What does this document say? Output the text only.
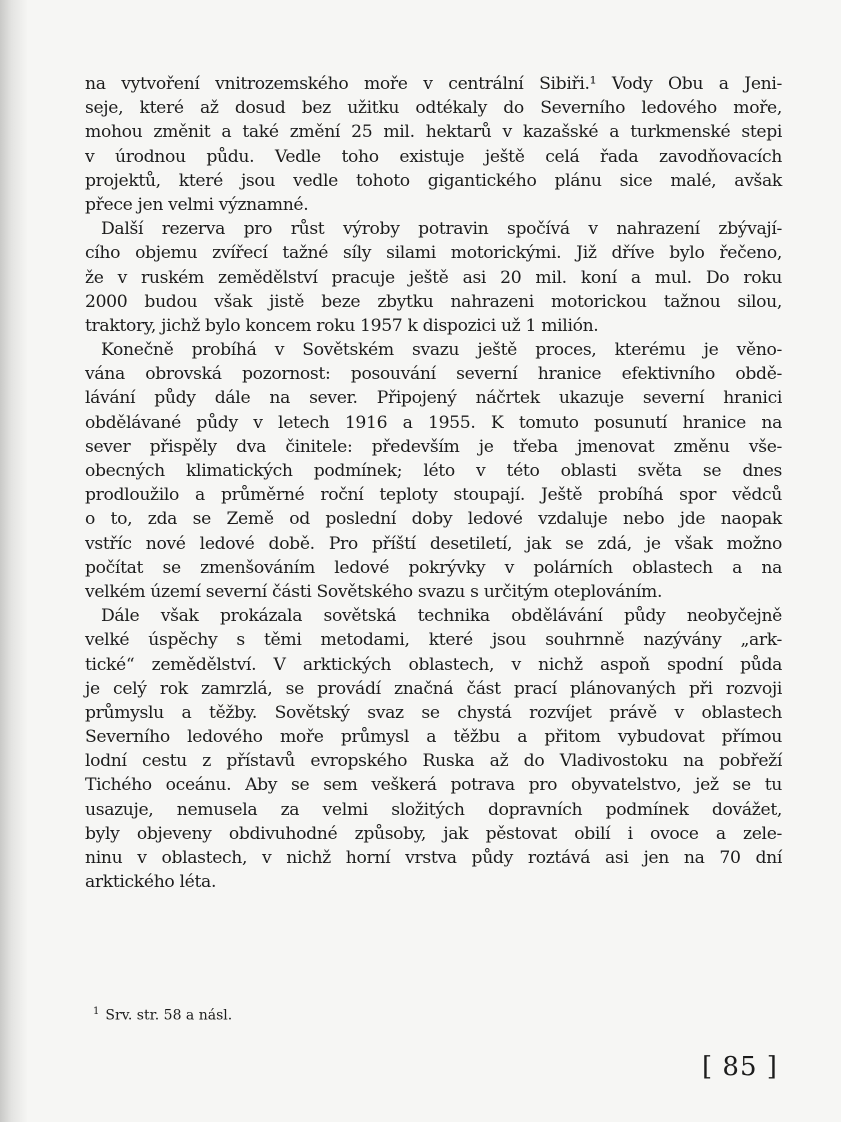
na vytvoření vnitrozemského moře v centrální Sibiři.¹ Vody Obu a Jeni-
seje, které až dosud bez užitku odtékaly do Severního ledového moře,
mohou změnit a také změní 25 mil. hektarů v kazašské a turkmenské stepi
v úrodnou půdu. Vedle toho existuje ještě celá řada zavodňovacích
projektů, které jsou vedle tohoto gigantického plánu sice malé, avšak
přece jen velmi významné.
Další rezerva pro růst výroby potravin spočívá v nahrazení zbývají-
cího objemu zvířecí tažné síly silami motorickými. Již dříve bylo řečeno,
že v ruském zemědělství pracuje ještě asi 20 mil. koní a mul. Do roku
2000 budou však jistě beze zbytku nahrazeni motorickou tažnou silou,
traktory, jichž bylo koncem roku 1957 k dispozici už 1 milión.
Konečně probíhá v Sovětském svazu ještě proces, kterému je věno-
vána obrovská pozornost: posouvání severní hranice efektivního obdě-
lávání půdy dále na sever. Připojený náčrtek ukazuje severní hranici
obdělávané půdy v letech 1916 a 1955. K tomuto posunutí hranice na
sever přispěly dva činitele: především je třeba jmenovat změnu vše-
obecných klimatických podmínek; léto v této oblasti světa se dnes
prodloužilo a průměrné roční teploty stoupají. Ještě probíhá spor vědců
o to, zda se Země od poslední doby ledové vzdaluje nebo jde naopak
vstříc nové ledové době. Pro příští desetiletí, jak se zdá, je však možno
počítat se zmenšováním ledové pokrývky v polárních oblastech a na
velkém území severní části Sovětského svazu s určitým oteplováním.
Dále však prokázala sovětská technika obdělávání půdy neobyčejně
velké úspěchy s těmi metodami, které jsou souhrnně nazývány „ark-
tické“ zemědělství. V arktických oblastech, v nichž aspoň spodní půda
je celý rok zamrzlá, se provádí značná část prací plánovaných při rozvoji
průmyslu a těžby. Sovětský svaz se chystá rozvíjet právě v oblastech
Severního ledového moře průmysl a těžbu a přitom vybudovat přímou
lodní cestu z přístavů evropského Ruska až do Vladivostoku na pobřeží
Tichého oceánu. Aby se sem veškerá potrava pro obyvatelstvo, jež se tu
usazuje, nemusela za velmi složitých dopravních podmínek dovážet,
byly objeveny obdivuhodné způsoby, jak pěstovat obilí i ovoce a zele-
ninu v oblastech, v nichž horní vrstva půdy roztává asi jen na 70 dní
arktického léta.
$^1$ Srv. str. 58 a násl.
[ 85 ]
